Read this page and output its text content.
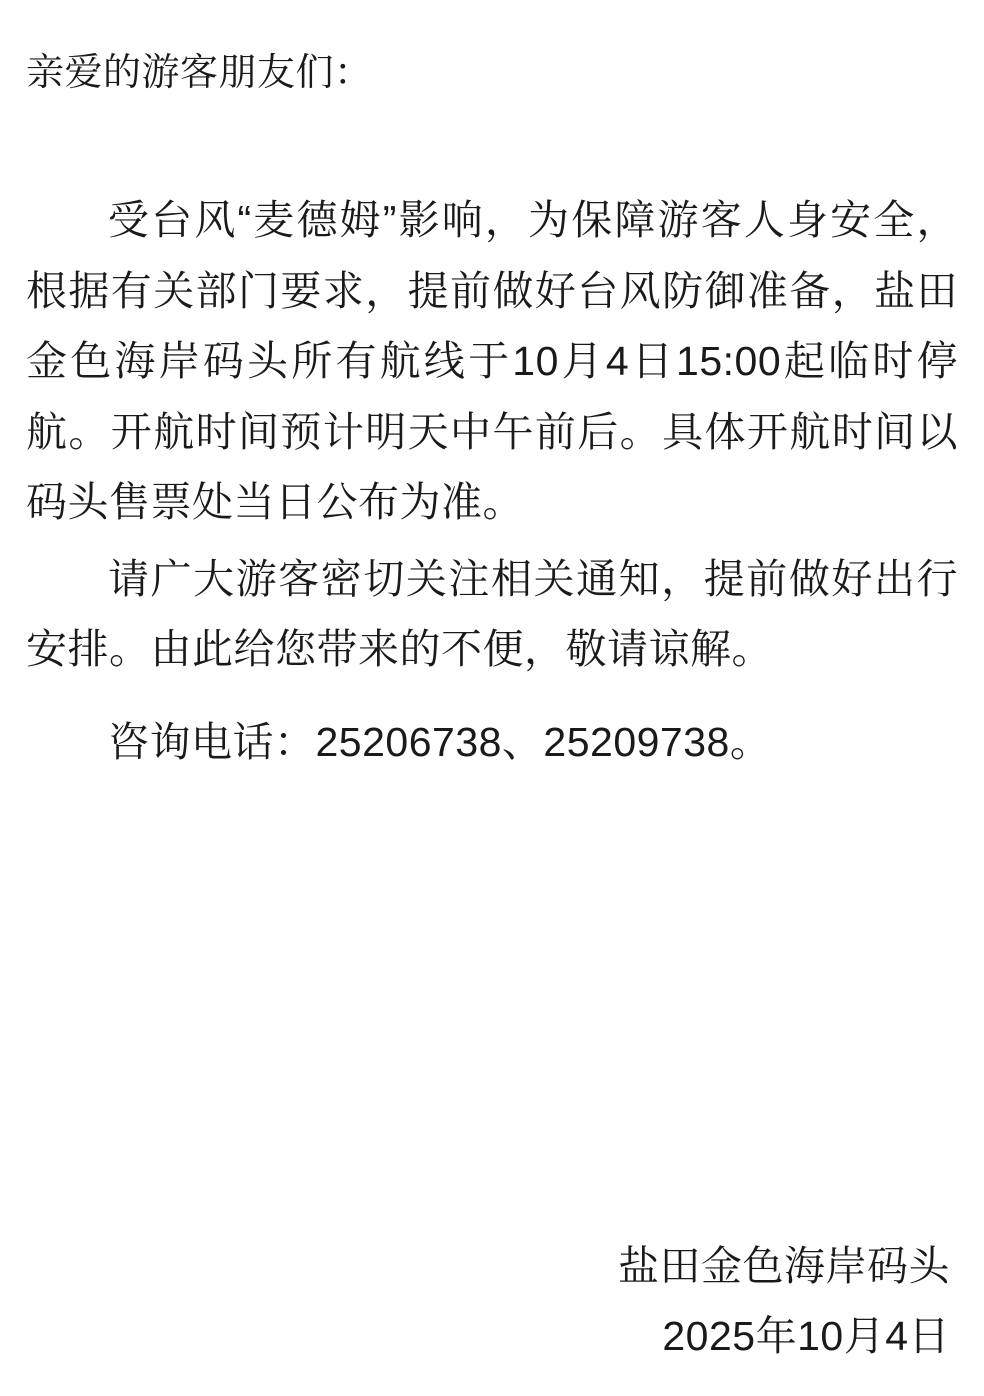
亲爱的游客朋友们：

受台风“麦德姆”影响，为保障游客人身安全，根据有关部门要求，提前做好台风防御准备，盐田金色海岸码头所有航线于10月4日15:00起临时停航。开航时间预计明天中午前后。具体开航时间以码头售票处当日公布为准。

请广大游客密切关注相关通知，提前做好出行安排。由此给您带来的不便，敬请谅解。

咨询电话：25206738、25209738。

盐田金色海岸码头
2025年10月4日
